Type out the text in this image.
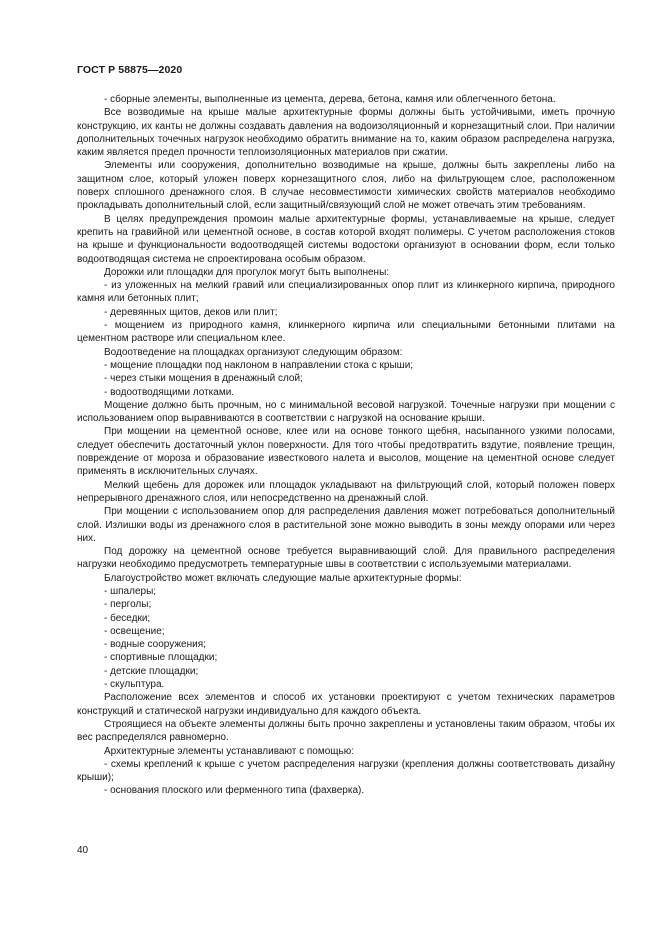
ГОСТ Р 58875—2020

- сборные элементы, выполненные из цемента, дерева, бетона, камня или облегченного бетона.

Все возводимые на крыше малые архитектурные формы должны быть устойчивыми, иметь прочную конструкцию, их канты не должны создавать давления на водоизоляционный и корнезащитный слои. При наличии дополнительных точечных нагрузок необходимо обратить внимание на то, каким образом распределена нагрузка, каким является предел прочности теплоизоляционных материалов при сжатии.

Элементы или сооружения, дополнительно возводимые на крыше, должны быть закреплены либо на защитном слое, который уложен поверх корнезащитного слоя, либо на фильтрующем слое, расположенном поверх сплошного дренажного слоя. В случае несовместимости химических свойств материалов необходимо прокладывать дополнительный слой, если защитный/связующий слой не может отвечать этим требованиям.

В целях предупреждения промоин малые архитектурные формы, устанавливаемые на крыше, следует крепить на гравийной или цементной основе, в состав которой входят полимеры. С учетом расположения стоков на крыше и функциональности водоотводящей системы водостоки организуют в основании форм, если только водоотводящая система не спроектирована особым образом.

Дорожки или площадки для прогулок могут быть выполнены:

- из уложенных на мелкий гравий или специализированных опор плит из клинкерного кирпича, природного камня или бетонных плит;

- деревянных щитов, деков или плит;

- мощением из природного камня, клинкерного кирпича или специальными бетонными плитами на цементном растворе или специальном клее.

Водоотведение на площадках организуют следующим образом:

- мощение площадки под наклоном в направлении стока с крыши;

- через стыки мощения в дренажный слой;

- водоотводящими лотками.

Мощение должно быть прочным, но с минимальной весовой нагрузкой. Точечные нагрузки при мощении с использованием опор выравниваются в соответствии с нагрузкой на основание крыши.

При мощении на цементной основе, клее или на основе тонкого щебня, насыпанного узкими полосами, следует обеспечить достаточный уклон поверхности. Для того чтобы предотвратить вздутие, появление трещин, повреждение от мороза и образование известкового налета и высолов, мощение на цементной основе следует применять в исключительных случаях.

Мелкий щебень для дорожек или площадок укладывают на фильтрующий слой, который положен поверх непрерывного дренажного слоя, или непосредственно на дренажный слой.

При мощении с использованием опор для распределения давления может потребоваться дополнительный слой. Излишки воды из дренажного слоя в растительной зоне можно выводить в зоны между опорами или через них.

Под дорожку на цементной основе требуется выравнивающий слой. Для правильного распределения нагрузки необходимо предусмотреть температурные швы в соответствии с используемыми материалами.

Благоустройство может включать следующие малые архитектурные формы:

- шпалеры;

- перголы;

- беседки;

- освещение;

- водные сооружения;

- спортивные площадки;

- детские площадки;

- скульптура.

Расположение всех элементов и способ их установки проектируют с учетом технических параметров конструкций и статической нагрузки индивидуально для каждого объекта.

Строящиеся на объекте элементы должны быть прочно закреплены и установлены таким образом, чтобы их вес распределялся равномерно.

Архитектурные элементы устанавливают с помощью:

- схемы креплений к крыше с учетом распределения нагрузки (крепления должны соответствовать дизайну крыши);

- основания плоского или ферменного типа (фахверка).

40
